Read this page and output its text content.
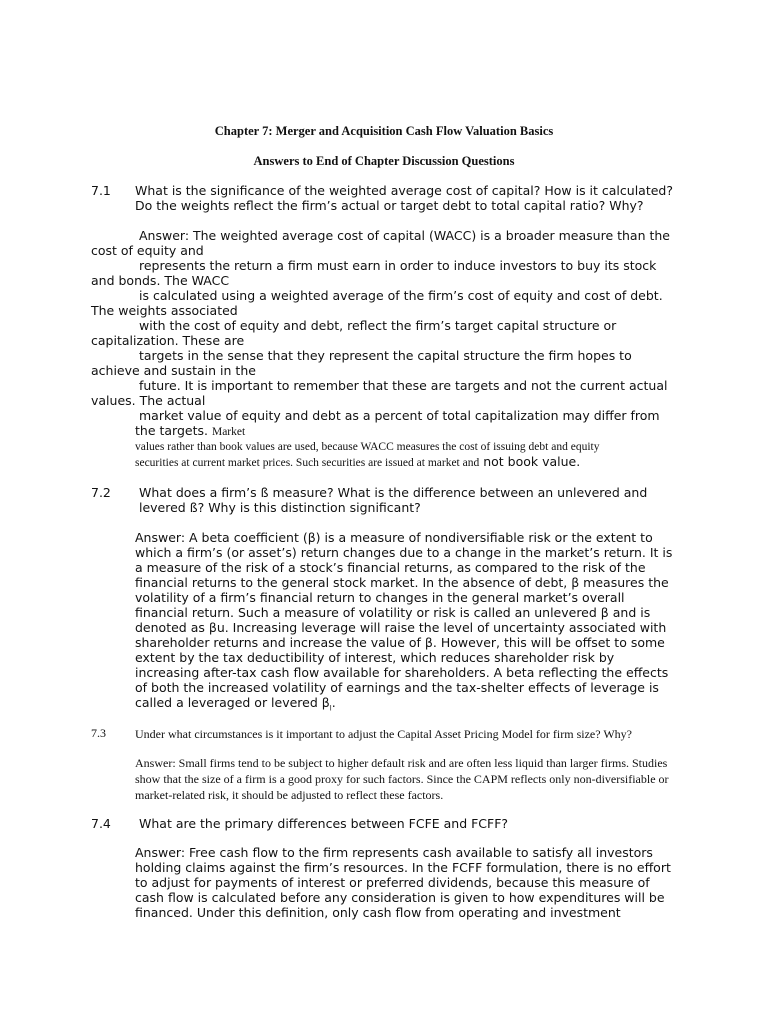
Chapter 7: Merger and Acquisition Cash Flow Valuation Basics
Answers to End of Chapter Discussion Questions
7.1 What is the significance of the weighted average cost of capital? How is it calculated?
Do the weights reflect the firm’s actual or target debt to total capital ratio? Why?
Answer: The weighted average cost of capital (WACC) is a broader measure than the
cost of equity and
represents the return a firm must earn in order to induce investors to buy its stock
and bonds. The WACC
is calculated using a weighted average of the firm’s cost of equity and cost of debt.
The weights associated
with the cost of equity and debt, reflect the firm’s target capital structure or
capitalization. These are
targets in the sense that they represent the capital structure the firm hopes to
achieve and sustain in the
future. It is important to remember that these are targets and not the current actual
values. The actual
market value of equity and debt as a percent of total capitalization may differ from
the targets. Market
values rather than book values are used, because WACC measures the cost of issuing debt and equity
securities at current market prices. Such securities are issued at market and not book value.
7.2 What does a firm’s ß measure? What is the difference between an unlevered and levered ß? Why is this distinction significant?
Answer: A beta coefficient (β) is a measure of nondiversifiable risk or the extent to which a firm’s (or asset’s) return changes due to a change in the market’s return. It is a measure of the risk of a stock’s financial returns, as compared to the risk of the financial returns to the general stock market. In the absence of debt, β measures the volatility of a firm’s financial return to changes in the general market’s overall financial return. Such a measure of volatility or risk is called an unlevered β and is denoted as βu. Increasing leverage will raise the level of uncertainty associated with shareholder returns and increase the value of β. However, this will be offset to some extent by the tax deductibility of interest, which reduces shareholder risk by increasing after-tax cash flow available for shareholders. A beta reflecting the effects of both the increased volatility of earnings and the tax-shelter effects of leverage is called a leveraged or levered $\beta_l$.
7.3 Under what circumstances is it important to adjust the Capital Asset Pricing Model for firm size? Why?
Answer: Small firms tend to be subject to higher default risk and are often less liquid than larger firms. Studies show that the size of a firm is a good proxy for such factors. Since the CAPM reflects only non-diversifiable or market-related risk, it should be adjusted to reflect these factors.
7.4 What are the primary differences between FCFE and FCFF?
Answer: Free cash flow to the firm represents cash available to satisfy all investors holding claims against the firm’s resources. In the FCFF formulation, there is no effort to adjust for payments of interest or preferred dividends, because this measure of cash flow is calculated before any consideration is given to how expenditures will be financed. Under this definition, only cash flow from operating and investment
